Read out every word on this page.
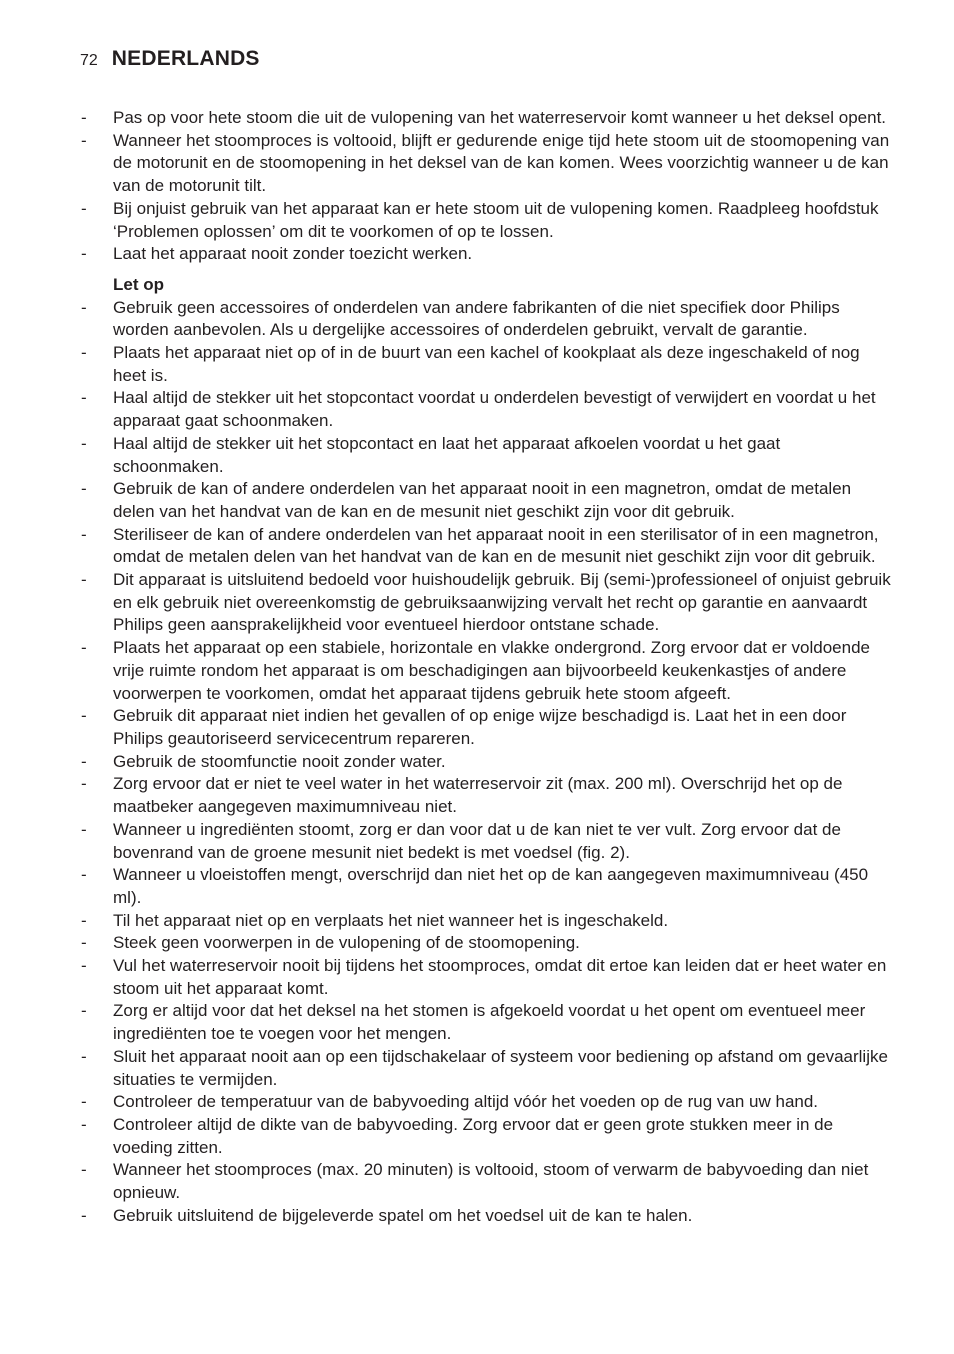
72 NEDERLANDS
- Pas op voor hete stoom die uit de vulopening van het waterreservoir komt wanneer u het deksel opent.
- Wanneer het stoomproces is voltooid, blijft er gedurende enige tijd hete stoom uit de stoomopening van de motorunit en de stoomopening in het deksel van de kan komen. Wees voorzichtig wanneer u de kan van de motorunit tilt.
- Bij onjuist gebruik van het apparaat kan er hete stoom uit de vulopening komen. Raadpleeg hoofdstuk ‘Problemen oplossen’ om dit te voorkomen of op te lossen.
- Laat het apparaat nooit zonder toezicht werken.
Let op
- Gebruik geen accessoires of onderdelen van andere fabrikanten of die niet specifiek door Philips worden aanbevolen. Als u dergelijke accessoires of onderdelen gebruikt, vervalt de garantie.
- Plaats het apparaat niet op of in de buurt van een kachel of kookplaat als deze ingeschakeld of nog heet is.
- Haal altijd de stekker uit het stopcontact voordat u onderdelen bevestigt of verwijdert en voordat u het apparaat gaat schoonmaken.
- Haal altijd de stekker uit het stopcontact en laat het apparaat afkoelen voordat u het gaat schoonmaken.
- Gebruik de kan of andere onderdelen van het apparaat nooit in een magnetron, omdat de metalen delen van het handvat van de kan en de mesunit niet geschikt zijn voor dit gebruik.
- Steriliseer de kan of andere onderdelen van het apparaat nooit in een sterilisator of in een magnetron, omdat de metalen delen van het handvat van de kan en de mesunit niet geschikt zijn voor dit gebruik.
- Dit apparaat is uitsluitend bedoeld voor huishoudelijk gebruik. Bij (semi-)professioneel of onjuist gebruik en elk gebruik niet overeenkomstig de gebruiksaanwijzing vervalt het recht op garantie en aanvaardt Philips geen aansprakelijkheid voor eventueel hierdoor ontstane schade.
- Plaats het apparaat op een stabiele, horizontale en vlakke ondergrond. Zorg ervoor dat er voldoende vrije ruimte rondom het apparaat is om beschadigingen aan bijvoorbeeld keukenkastjes of andere voorwerpen te voorkomen, omdat het apparaat tijdens gebruik hete stoom afgeeft.
- Gebruik dit apparaat niet indien het gevallen of op enige wijze beschadigd is. Laat het in een door Philips geautoriseerd servicecentrum repareren.
- Gebruik de stoomfunctie nooit zonder water.
- Zorg ervoor dat er niet te veel water in het waterreservoir zit (max. 200 ml). Overschrijd het op de maatbeker aangegeven maximumniveau niet.
- Wanneer u ingrediënten stoomt, zorg er dan voor dat u de kan niet te ver vult. Zorg ervoor dat de bovenrand van de groene mesunit niet bedekt is met voedsel (fig. 2).
- Wanneer u vloeistoffen mengt, overschrijd dan niet het op de kan aangegeven maximumniveau (450 ml).
- Til het apparaat niet op en verplaats het niet wanneer het is ingeschakeld.
- Steek geen voorwerpen in de vulopening of de stoomopening.
- Vul het waterreservoir nooit bij tijdens het stoomproces, omdat dit ertoe kan leiden dat er heet water en stoom uit het apparaat komt.
- Zorg er altijd voor dat het deksel na het stomen is afgekoeld voordat u het opent om eventueel meer ingrediënten toe te voegen voor het mengen.
- Sluit het apparaat nooit aan op een tijdschakelaar of systeem voor bediening op afstand om gevaarlijke situaties te vermijden.
- Controleer de temperatuur van de babyvoeding altijd vóór het voeden op de rug van uw hand.
- Controleer altijd de dikte van de babyvoeding. Zorg ervoor dat er geen grote stukken meer in de voeding zitten.
- Wanneer het stoomproces (max. 20 minuten) is voltooid, stoom of verwarm de babyvoeding dan niet opnieuw.
- Gebruik uitsluitend de bijgeleverde spatel om het voedsel uit de kan te halen.
